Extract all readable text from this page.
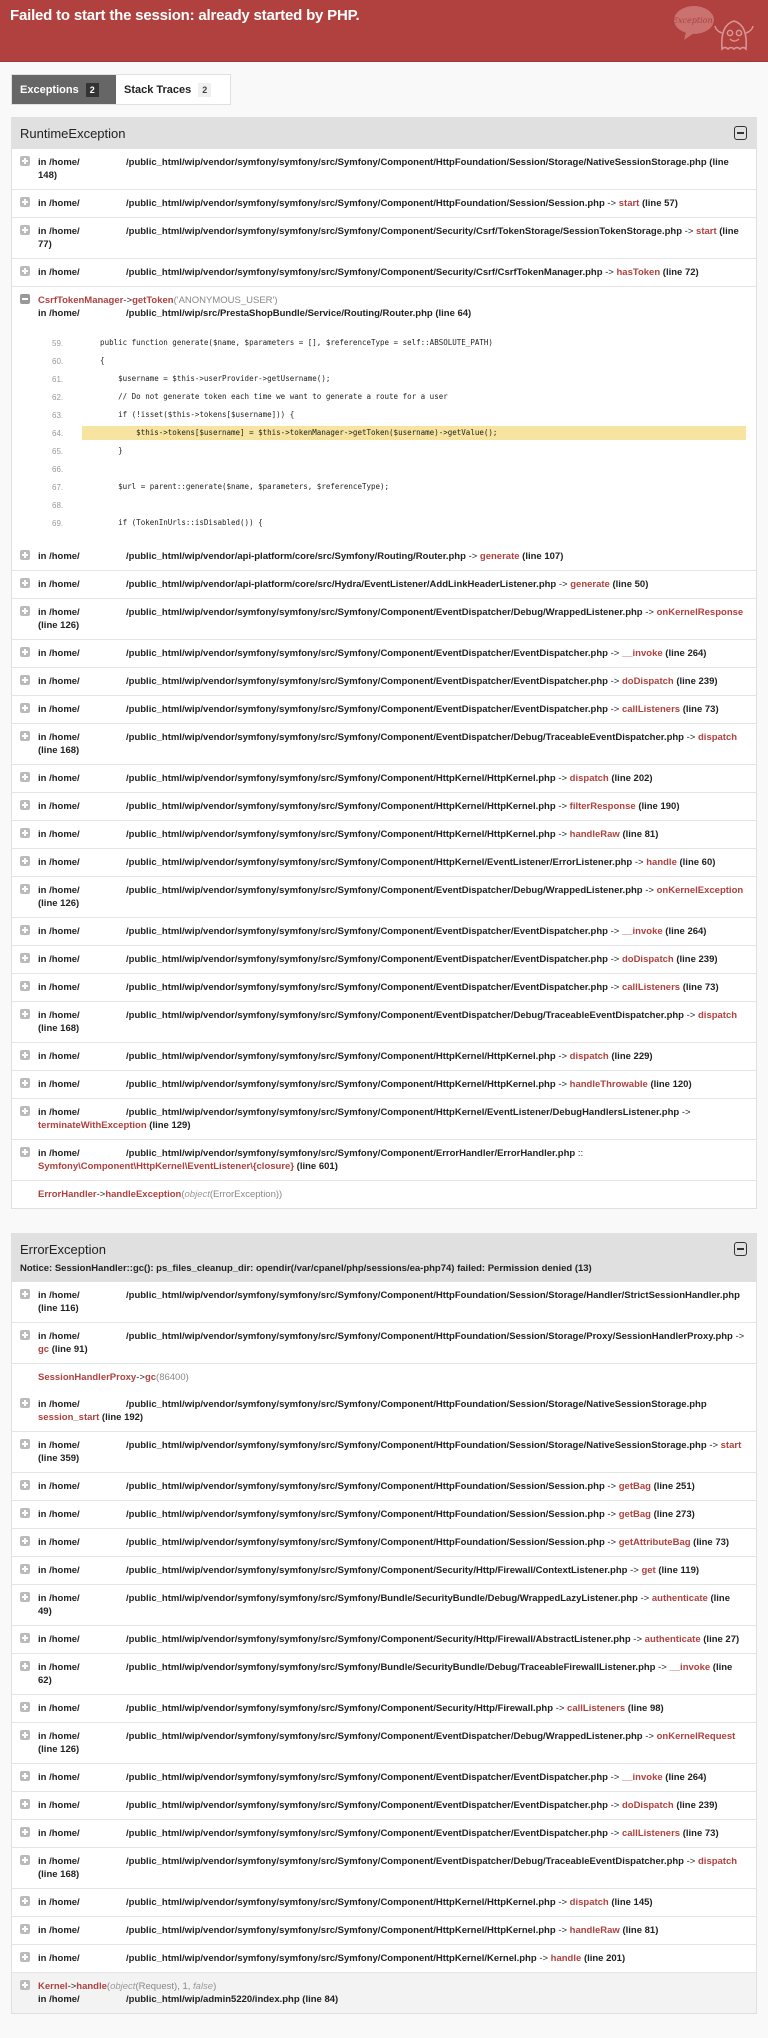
Failed to start the session: already started by PHP.	Exception!
Exceptions	2	Stack Traces	2
RuntimeException
in /home/	/public_html/wip/vendor/symfony/symfony/src/Symfony/Component/HttpFoundation/Session/Storage/NativeSessionStorage.php (line 148)
in /home/	/public_html/wip/vendor/symfony/symfony/src/Symfony/Component/HttpFoundation/Session/Session.php -> start (line 57)
in /home/	/public_html/wip/vendor/symfony/symfony/src/Symfony/Component/Security/Csrf/TokenStorage/SessionTokenStorage.php -> start (line 77)
in /home/	/public_html/wip/vendor/symfony/symfony/src/Symfony/Component/Security/Csrf/CsrfTokenManager.php -> hasToken (line 72)
CsrfTokenManager->getToken('ANONYMOUS_USER')
in /home/	/public_html/wip/src/PrestaShopBundle/Service/Routing/Router.php (line 64)
59.	public function generate($name, $parameters = [], $referenceType = self::ABSOLUTE_PATH)
60.	{
61.	$username = $this->userProvider->getUsername();
62.	// Do not generate token each time we want to generate a route for a user
63.	if (!isset($this->tokens[$username])) {
64.	$this->tokens[$username] = $this->tokenManager->getToken($username)->getValue();
65.	}
66.
67.	$url = parent::generate($name, $parameters, $referenceType);
68.
69.	if (TokenInUrls::isDisabled()) {
in /home/	/public_html/wip/vendor/api-platform/core/src/Symfony/Routing/Router.php -> generate (line 107)
in /home/	/public_html/wip/vendor/api-platform/core/src/Hydra/EventListener/AddLinkHeaderListener.php -> generate (line 50)
in /home/	/public_html/wip/vendor/symfony/symfony/src/Symfony/Component/EventDispatcher/Debug/WrappedListener.php -> onKernelResponse (line 126)
in /home/	/public_html/wip/vendor/symfony/symfony/src/Symfony/Component/EventDispatcher/EventDispatcher.php -> __invoke (line 264)
in /home/	/public_html/wip/vendor/symfony/symfony/src/Symfony/Component/EventDispatcher/EventDispatcher.php -> doDispatch (line 239)
in /home/	/public_html/wip/vendor/symfony/symfony/src/Symfony/Component/EventDispatcher/EventDispatcher.php -> callListeners (line 73)
in /home/	/public_html/wip/vendor/symfony/symfony/src/Symfony/Component/EventDispatcher/Debug/TraceableEventDispatcher.php -> dispatch (line 168)
in /home/	/public_html/wip/vendor/symfony/symfony/src/Symfony/Component/HttpKernel/HttpKernel.php -> dispatch (line 202)
in /home/	/public_html/wip/vendor/symfony/symfony/src/Symfony/Component/HttpKernel/HttpKernel.php -> filterResponse (line 190)
in /home/	/public_html/wip/vendor/symfony/symfony/src/Symfony/Component/HttpKernel/HttpKernel.php -> handleRaw (line 81)
in /home/	/public_html/wip/vendor/symfony/symfony/src/Symfony/Component/HttpKernel/EventListener/ErrorListener.php -> handle (line 60)
in /home/	/public_html/wip/vendor/symfony/symfony/src/Symfony/Component/EventDispatcher/Debug/WrappedListener.php -> onKernelException (line 126)
in /home/	/public_html/wip/vendor/symfony/symfony/src/Symfony/Component/EventDispatcher/EventDispatcher.php -> __invoke (line 264)
in /home/	/public_html/wip/vendor/symfony/symfony/src/Symfony/Component/EventDispatcher/EventDispatcher.php -> doDispatch (line 239)
in /home/	/public_html/wip/vendor/symfony/symfony/src/Symfony/Component/EventDispatcher/EventDispatcher.php -> callListeners (line 73)
in /home/	/public_html/wip/vendor/symfony/symfony/src/Symfony/Component/EventDispatcher/Debug/TraceableEventDispatcher.php -> dispatch (line 168)
in /home/	/public_html/wip/vendor/symfony/symfony/src/Symfony/Component/HttpKernel/HttpKernel.php -> dispatch (line 229)
in /home/	/public_html/wip/vendor/symfony/symfony/src/Symfony/Component/HttpKernel/HttpKernel.php -> handleThrowable (line 120)
in /home/	/public_html/wip/vendor/symfony/symfony/src/Symfony/Component/HttpKernel/EventListener/DebugHandlersListener.php -> terminateWithException (line 129)
in /home/	/public_html/wip/vendor/symfony/symfony/src/Symfony/Component/ErrorHandler/ErrorHandler.php :: Symfony\Component\HttpKernel\EventListener\{closure} (line 601)
ErrorHandler->handleException(object(ErrorException))
ErrorException
Notice: SessionHandler::gc(): ps_files_cleanup_dir: opendir(/var/cpanel/php/sessions/ea-php74) failed: Permission denied (13)
in /home/	/public_html/wip/vendor/symfony/symfony/src/Symfony/Component/HttpFoundation/Session/Storage/Handler/StrictSessionHandler.php (line 116)
in /home/	/public_html/wip/vendor/symfony/symfony/src/Symfony/Component/HttpFoundation/Session/Storage/Proxy/SessionHandlerProxy.php -> gc (line 91)
SessionHandlerProxy->gc(86400)
in /home/	/public_html/wip/vendor/symfony/symfony/src/Symfony/Component/HttpFoundation/Session/Storage/NativeSessionStorage.php session_start (line 192)
in /home/	/public_html/wip/vendor/symfony/symfony/src/Symfony/Component/HttpFoundation/Session/Storage/NativeSessionStorage.php -> start (line 359)
in /home/	/public_html/wip/vendor/symfony/symfony/src/Symfony/Component/HttpFoundation/Session/Session.php -> getBag (line 251)
in /home/	/public_html/wip/vendor/symfony/symfony/src/Symfony/Component/HttpFoundation/Session/Session.php -> getBag (line 273)
in /home/	/public_html/wip/vendor/symfony/symfony/src/Symfony/Component/HttpFoundation/Session/Session.php -> getAttributeBag (line 73)
in /home/	/public_html/wip/vendor/symfony/symfony/src/Symfony/Component/Security/Http/Firewall/ContextListener.php -> get (line 119)
in /home/	/public_html/wip/vendor/symfony/symfony/src/Symfony/Bundle/SecurityBundle/Debug/WrappedLazyListener.php -> authenticate (line 49)
in /home/	/public_html/wip/vendor/symfony/symfony/src/Symfony/Component/Security/Http/Firewall/AbstractListener.php -> authenticate (line 27)
in /home/	/public_html/wip/vendor/symfony/symfony/src/Symfony/Bundle/SecurityBundle/Debug/TraceableFirewallListener.php -> __invoke (line 62)
in /home/	/public_html/wip/vendor/symfony/symfony/src/Symfony/Component/Security/Http/Firewall.php -> callListeners (line 98)
in /home/	/public_html/wip/vendor/symfony/symfony/src/Symfony/Component/EventDispatcher/Debug/WrappedListener.php -> onKernelRequest (line 126)
in /home/	/public_html/wip/vendor/symfony/symfony/src/Symfony/Component/EventDispatcher/EventDispatcher.php -> __invoke (line 264)
in /home/	/public_html/wip/vendor/symfony/symfony/src/Symfony/Component/EventDispatcher/EventDispatcher.php -> doDispatch (line 239)
in /home/	/public_html/wip/vendor/symfony/symfony/src/Symfony/Component/EventDispatcher/EventDispatcher.php -> callListeners (line 73)
in /home/	/public_html/wip/vendor/symfony/symfony/src/Symfony/Component/EventDispatcher/Debug/TraceableEventDispatcher.php -> dispatch (line 168)
in /home/	/public_html/wip/vendor/symfony/symfony/src/Symfony/Component/HttpKernel/HttpKernel.php -> dispatch (line 145)
in /home/	/public_html/wip/vendor/symfony/symfony/src/Symfony/Component/HttpKernel/HttpKernel.php -> handleRaw (line 81)
in /home/	/public_html/wip/vendor/symfony/symfony/src/Symfony/Component/HttpKernel/Kernel.php -> handle (line 201)
Kernel->handle(object(Request), 1, false)
in /home/	/public_html/wip/admin5220/index.php (line 84)
